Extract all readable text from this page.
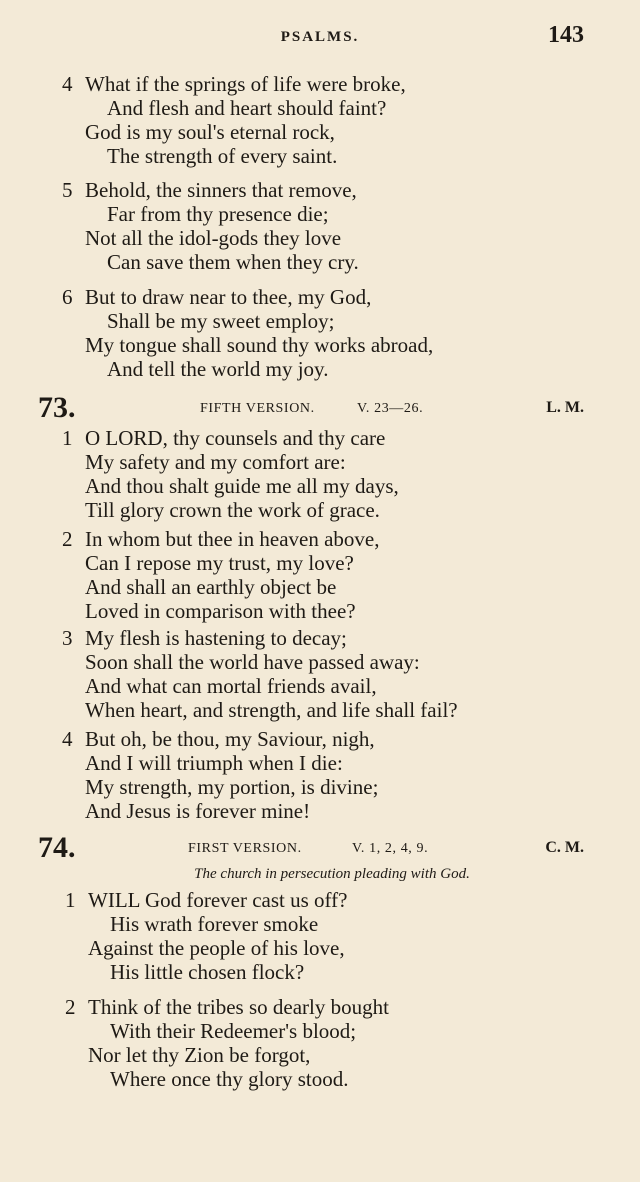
PSALMS.	143
4 What if the springs of life were broke,
And flesh and heart should faint?
God is my soul's eternal rock,
The strength of every saint.
5 Behold, the sinners that remove,
Far from thy presence die;
Not all the idol-gods they love
Can save them when they cry.
6 But to draw near to thee, my God,
Shall be my sweet employ;
My tongue shall sound thy works abroad,
And tell the world my joy.
73.	FIFTH VERSION.	V. 23—26.	L. M.
1 O LORD, thy counsels and thy care
My safety and my comfort are:
And thou shalt guide me all my days,
Till glory crown the work of grace.
2 In whom but thee in heaven above,
Can I repose my trust, my love?
And shall an earthly object be
Loved in comparison with thee?
3 My flesh is hastening to decay;
Soon shall the world have passed away:
And what can mortal friends avail,
When heart, and strength, and life shall fail?
4 But oh, be thou, my Saviour, nigh,
And I will triumph when I die:
My strength, my portion, is divine;
And Jesus is forever mine!
74.	FIRST VERSION.	V. 1, 2, 4, 9.	C. M.
The church in persecution pleading with God.
1 WILL God forever cast us off?
His wrath forever smoke
Against the people of his love,
His little chosen flock?
2 Think of the tribes so dearly bought
With their Redeemer's blood;
Nor let thy Zion be forgot,
Where once thy glory stood.
